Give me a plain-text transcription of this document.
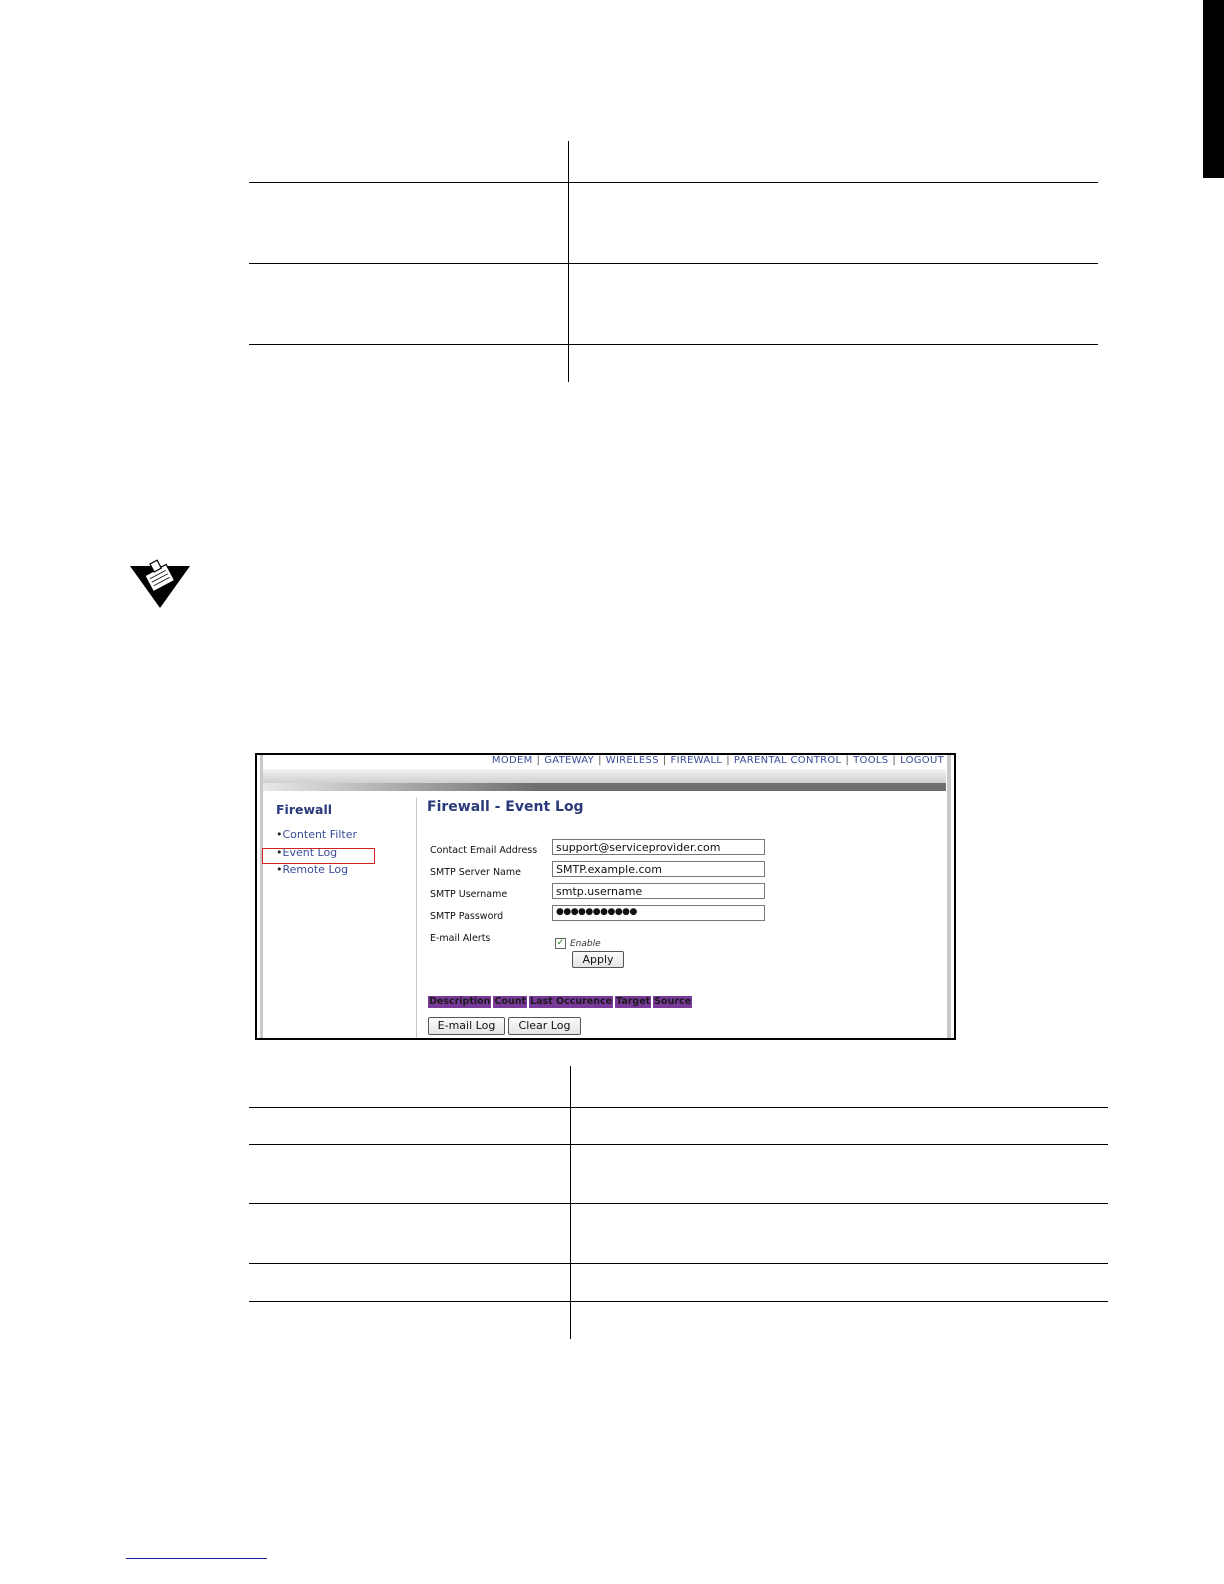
MODEM | GATEWAY | WIRELESS | FIREWALL | PARENTAL CONTROL | TOOLS | LOGOUT
Firewall
•Content Filter
•Event Log
•Remote Log
Firewall - Event Log
Contact Email Address	support@serviceprovider.com
SMTP Server Name	SMTP.example.com
SMTP Username	smtp.username
SMTP Password	●●●●●●●●●●●
E-mail Alerts	✓ Enable
Apply
Description Count Last Occurence Target Source
E-mail Log	Clear Log
